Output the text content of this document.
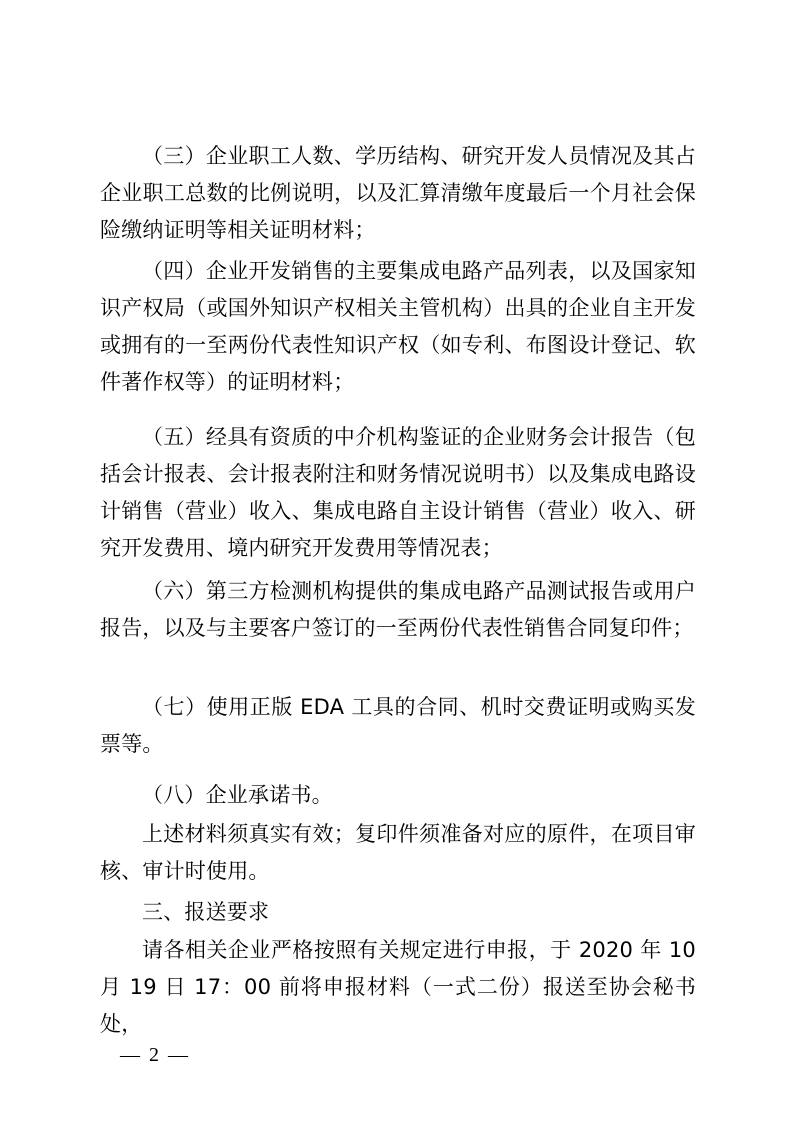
（三）企业职工人数、学历结构、研究开发人员情况及其占企业职工总数的比例说明，以及汇算清缴年度最后一个月社会保险缴纳证明等相关证明材料；

（四）企业开发销售的主要集成电路产品列表，以及国家知识产权局（或国外知识产权相关主管机构）出具的企业自主开发或拥有的一至两份代表性知识产权（如专利、布图设计登记、软件著作权等）的证明材料；

（五）经具有资质的中介机构鉴证的企业财务会计报告（包括会计报表、会计报表附注和财务情况说明书）以及集成电路设计销售（营业）收入、集成电路自主设计销售（营业）收入、研究开发费用、境内研究开发费用等情况表；

（六）第三方检测机构提供的集成电路产品测试报告或用户报告，以及与主要客户签订的一至两份代表性销售合同复印件；

（七）使用正版 EDA 工具的合同、机时交费证明或购买发票等。

（八）企业承诺书。

上述材料须真实有效；复印件须准备对应的原件，在项目审核、审计时使用。

三、报送要求

请各相关企业严格按照有关规定进行申报，于 2020 年 10 月 19 日 17：00 前将申报材料（一式二份）报送至协会秘书处，

— 2 —
